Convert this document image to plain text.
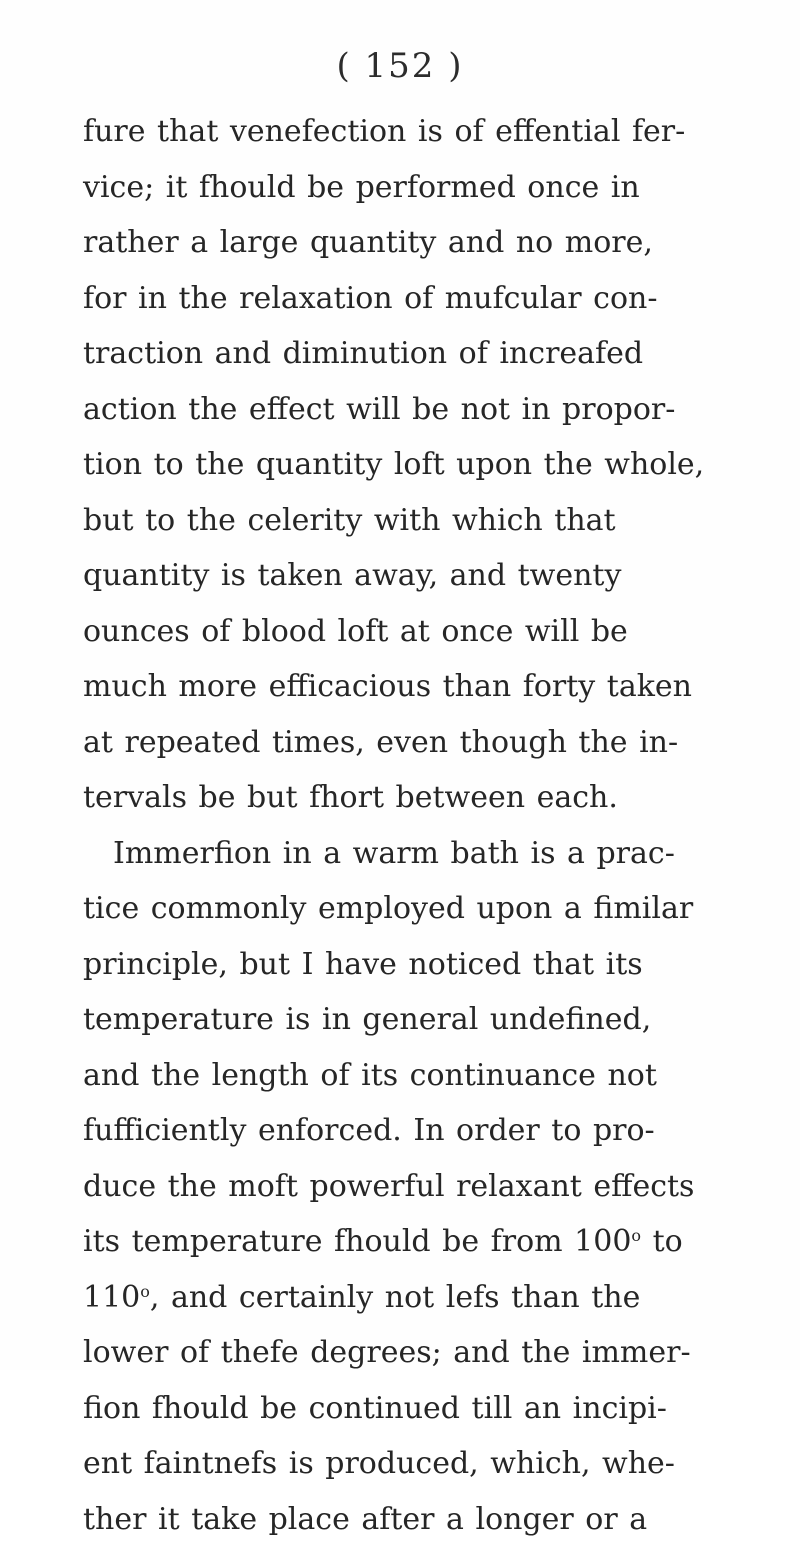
( 152 )
fure that venefection is of effential fer-
vice; it fhould be performed once in
rather a large quantity and no more,
for in the relaxation of mufcular con-
traction and diminution of increafed
action the effect will be not in propor-
tion to the quantity loft upon the whole,
but to the celerity with which that
quantity is taken away, and twenty
ounces of blood loft at once will be
much more efficacious than forty taken
at repeated times, even though the in-
tervals be but fhort between each.
Immerfion in a warm bath is a prac-
tice commonly employed upon a fimilar
principle, but I have noticed that its
temperature is in general undefined,
and the length of its continuance not
fufficiently enforced. In order to pro-
duce the moft powerful relaxant effects
its temperature fhould be from 100$^o$ to
110$^o$, and certainly not lefs than the
lower of thefe degrees; and the immer-
fion fhould be continued till an incipi-
ent faintnefs is produced, which, whe-
ther it take place after a longer or a
